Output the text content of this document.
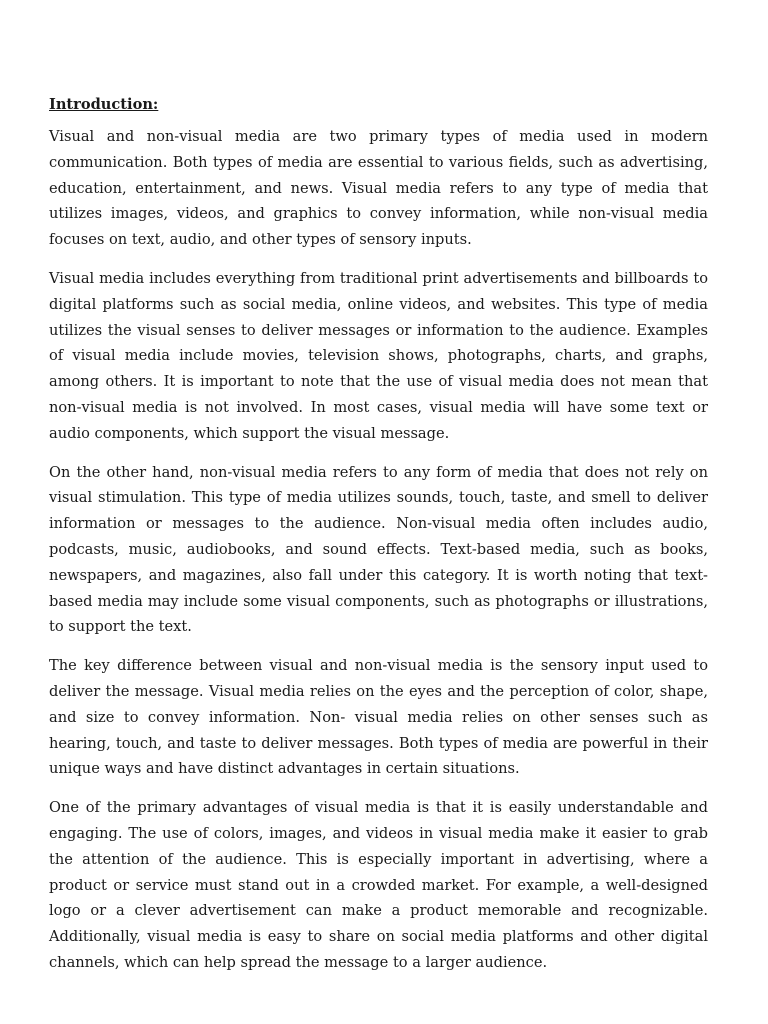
Introduction:

Visual and non-visual media are two primary types of media used in modern communication. Both types of media are essential to various fields, such as advertising, education, entertainment, and news. Visual media refers to any type of media that utilizes images, videos, and graphics to convey information, while non-visual media focuses on text, audio, and other types of sensory inputs.

Visual media includes everything from traditional print advertisements and billboards to digital platforms such as social media, online videos, and websites. This type of media utilizes the visual senses to deliver messages or information to the audience. Examples of visual media include movies, television shows, photographs, charts, and graphs, among others. It is important to note that the use of visual media does not mean that non-visual media is not involved. In most cases, visual media will have some text or audio components, which support the visual message.

On the other hand, non-visual media refers to any form of media that does not rely on visual stimulation. This type of media utilizes sounds, touch, taste, and smell to deliver information or messages to the audience. Non-visual media often includes audio, podcasts, music, audiobooks, and sound effects. Text-based media, such as books, newspapers, and magazines, also fall under this category. It is worth noting that text-based media may include some visual components, such as photographs or illustrations, to support the text.

The key difference between visual and non-visual media is the sensory input used to deliver the message. Visual media relies on the eyes and the perception of color, shape, and size to convey information. Non- visual media relies on other senses such as hearing, touch, and taste to deliver messages. Both types of media are powerful in their unique ways and have distinct advantages in certain situations.

One of the primary advantages of visual media is that it is easily understandable and engaging. The use of colors, images, and videos in visual media make it easier to grab the attention of the audience. This is especially important in advertising, where a product or service must stand out in a crowded market. For example, a well-designed logo or a clever advertisement can make a product memorable and recognizable. Additionally, visual media is easy to share on social media platforms and other digital channels, which can help spread the message to a larger audience.
